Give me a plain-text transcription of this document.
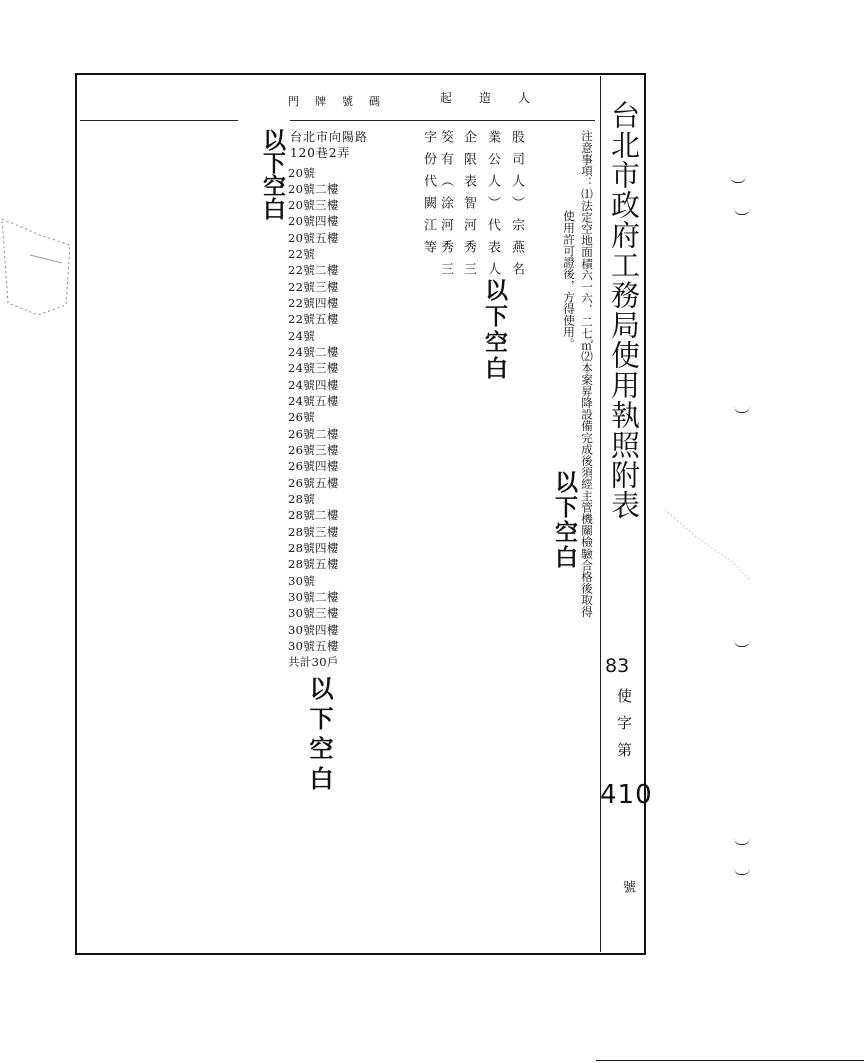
台北市政府工務局使用執照附表
83
使字第
410
號
注意事項：⑴法定空地面積六一六．二七㎡⑵本案昇降設備完成後須經主管機關檢驗合格後取得
使用許可證後，方得使用。
以下空白
起造人
門牌號碼
股司人）宗燕名
業公人）代表人
企限表智河秀三
筊有（涂河秀三
字份代闕江等
以下空白
台北市向陽路
120巷2弄
以下空白 20號
20號二樓
20號三樓
20號四樓
20號五樓
22號
22號二樓
22號三樓
22號四樓
22號五樓
24號
24號二樓
24號三樓
24號四樓
24號五樓
26號
26號二樓
26號三樓
26號四樓
26號五樓
28號
28號二樓
28號三樓
28號四樓
28號五樓
30號
30號二樓
30號三樓
30號四樓
30號五樓
共計30戶
以下空白
